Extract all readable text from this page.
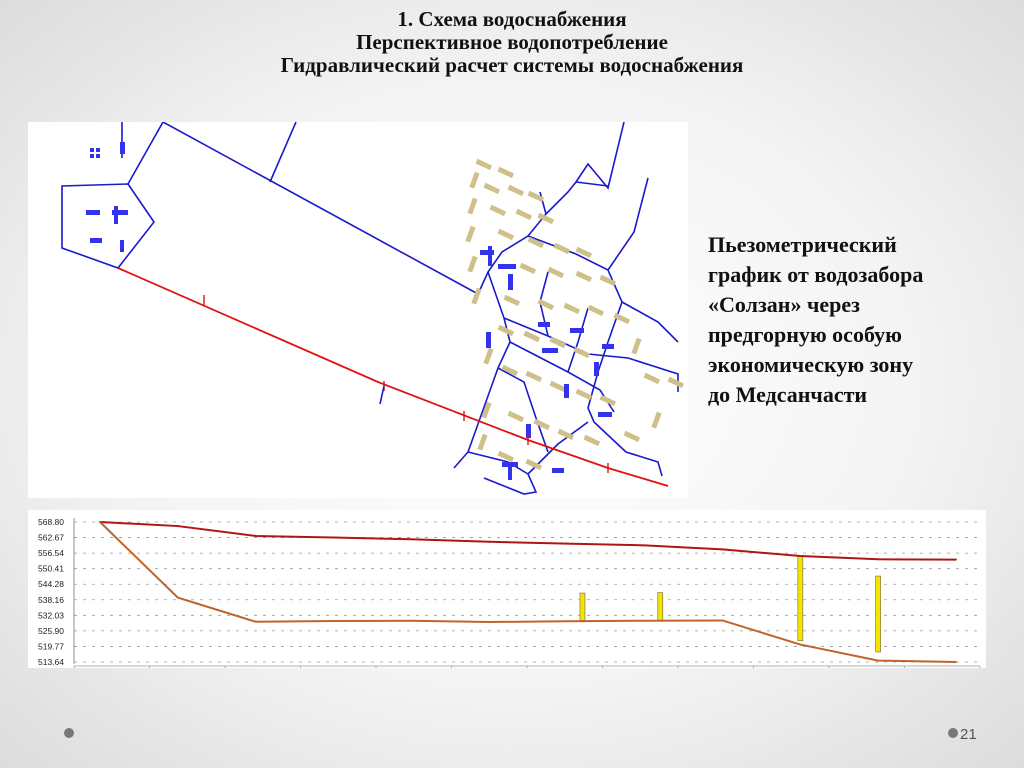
1. Схема водоснабжения
Перспективное водопотребление
Гидравлический расчет системы водоснабжения
Пьезометрический
график от водозабора
«Солзан» через
предгорную особую
экономическую зону
до Медсанчасти
568.80
562.67
556.54
550.41
544.28
538.16
532.03
525.90
519.77
513.64
21
